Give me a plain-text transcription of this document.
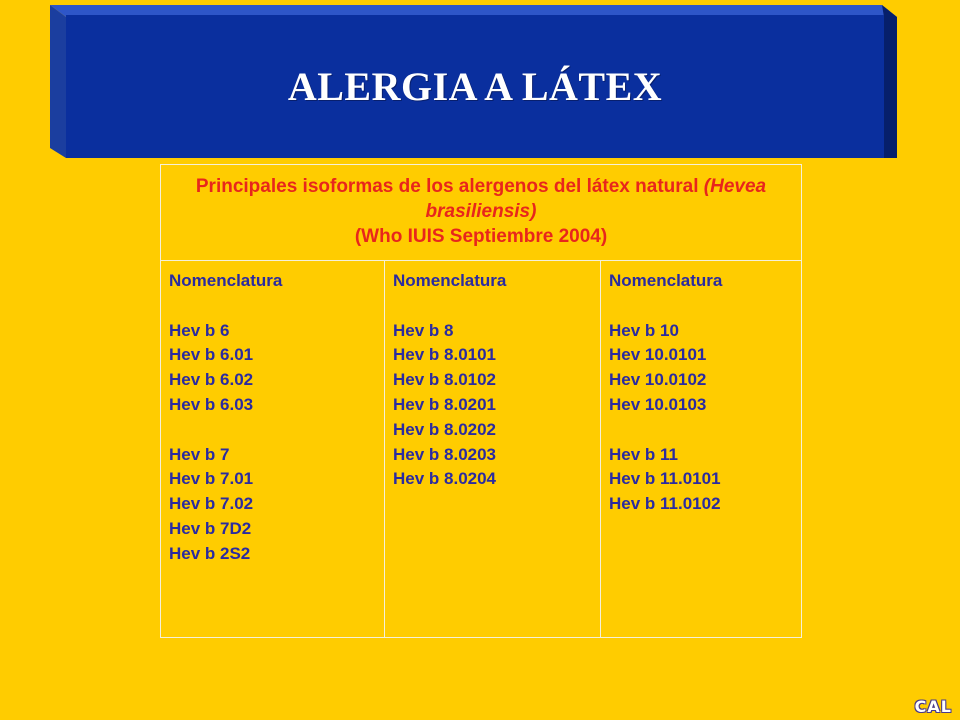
ALERGIA A LÁTEX
Principales isoformas de los alergenos del látex natural (Hevea
brasiliensis)
(Who IUIS Septiembre 2004)
Nomenclatura
Hev b 6
Hev b 6.01
Hev b 6.02
Hev b 6.03
Hev b 7
Hev b 7.01
Hev b 7.02
Hev b 7D2
Hev b 2S2
Nomenclatura
Hev b 8
Hev b 8.0101
Hev b 8.0102
Hev b 8.0201
Hev b 8.0202
Hev b 8.0203
Hev b 8.0204
Nomenclatura
Hev b 10
Hev 10.0101
Hev 10.0102
Hev 10.0103
Hev b 11
Hev b 11.0101
Hev b 11.0102
CAL
